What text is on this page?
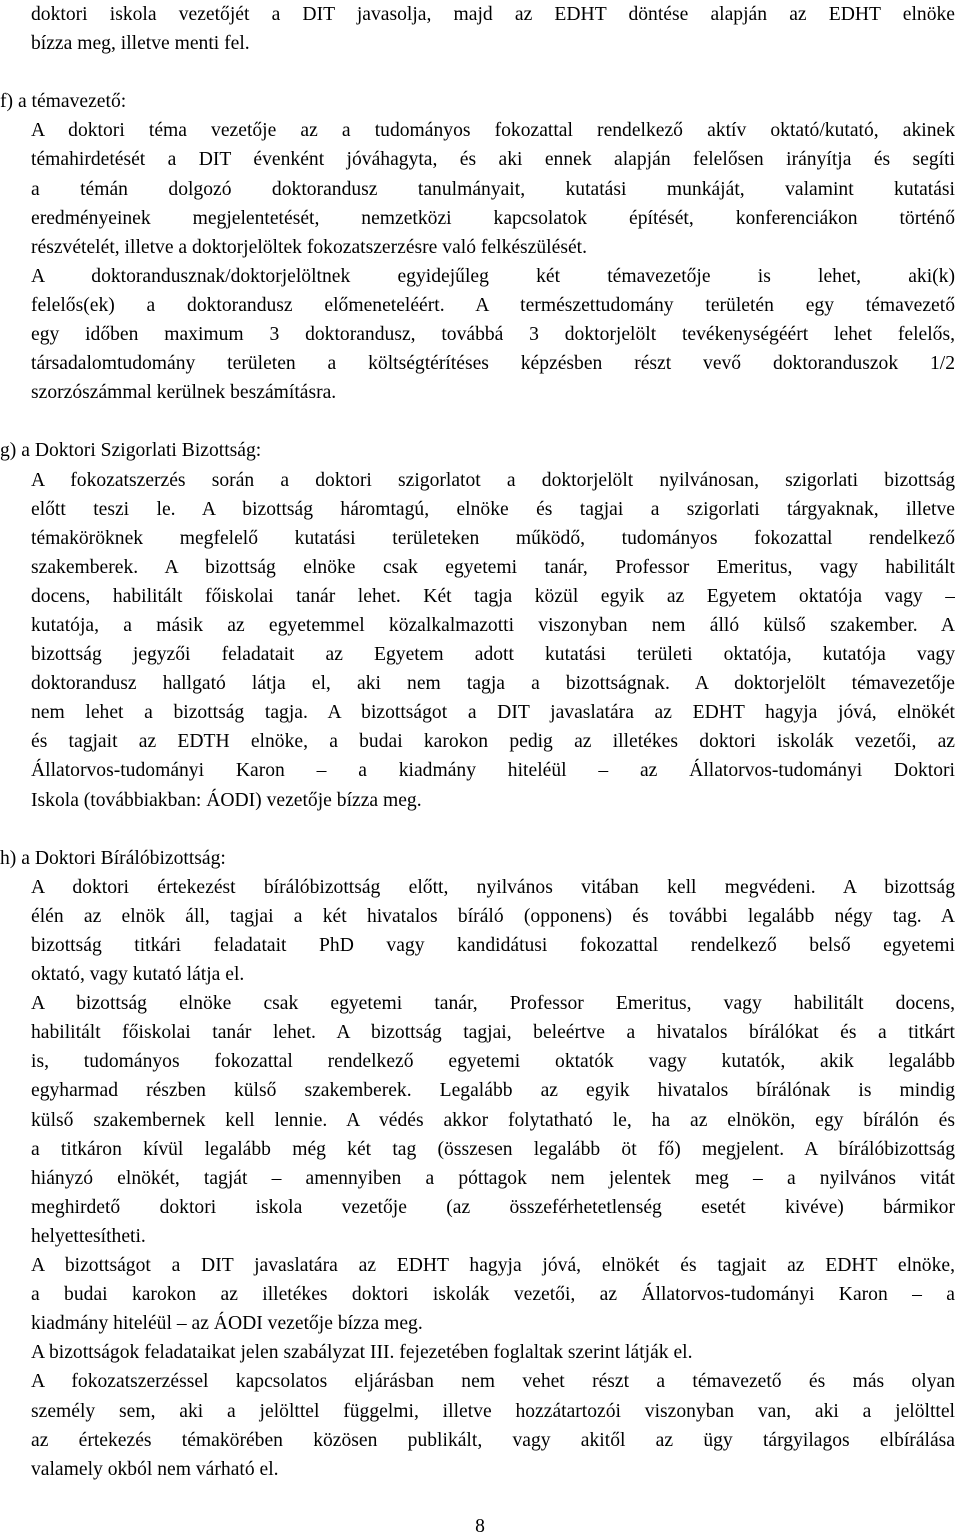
doktori iskola vezetőjét a DIT javasolja, majd az EDHT döntése alapján az EDHT elnöke
bízza meg, illetve menti fel.
f) a témavezető:
A doktori téma vezetője az a tudományos fokozattal rendelkező aktív oktató/kutató, akinek
témahirdetését a DIT évenként jóváhagyta, és aki ennek alapján felelősen irányítja és segíti
a témán dolgozó doktorandusz tanulmányait, kutatási munkáját, valamint kutatási
eredményeinek megjelentetését, nemzetközi kapcsolatok építését, konferenciákon történő
részvételét, illetve a doktorjelöltek fokozatszerzésre való felkészülését.
A doktorandusznak/doktorjelöltnek egyidejűleg két témavezetője is lehet, aki(k)
felelős(ek) a doktorandusz előmeneteléért. A természettudomány területén egy témavezető
egy időben maximum 3 doktorandusz, továbbá 3 doktorjelölt tevékenységéért lehet felelős,
társadalomtudomány területen a költségtérítéses képzésben részt vevő doktoranduszok 1/2
szorzószámmal kerülnek beszámításra.
g) a Doktori Szigorlati Bizottság:
A fokozatszerzés során a doktori szigorlatot a doktorjelölt nyilvánosan, szigorlati bizottság
előtt teszi le. A bizottság háromtagú, elnöke és tagjai a szigorlati tárgyaknak, illetve
témaköröknek megfelelő kutatási területeken működő, tudományos fokozattal rendelkező
szakemberek. A bizottság elnöke csak egyetemi tanár, Professor Emeritus, vagy habilitált
docens, habilitált főiskolai tanár lehet. Két tagja közül egyik az Egyetem oktatója vagy –
kutatója, a másik az egyetemmel közalkalmazotti viszonyban nem álló külső szakember. A
bizottság jegyzői feladatait az Egyetem adott kutatási területi oktatója, kutatója vagy
doktorandusz hallgató látja el, aki nem tagja a bizottságnak. A doktorjelölt témavezetője
nem lehet a bizottság tagja. A bizottságot a DIT javaslatára az EDHT hagyja jóvá, elnökét
és tagjait az EDTH elnöke, a budai karokon pedig az illetékes doktori iskolák vezetői, az
Állatorvos-tudományi Karon – a kiadmány hiteléül – az Állatorvos-tudományi Doktori
Iskola (továbbiakban: ÁODI) vezetője bízza meg.
h) a Doktori Bírálóbizottság:
A doktori értekezést bírálóbizottság előtt, nyilvános vitában kell megvédeni. A bizottság
élén az elnök áll, tagjai a két hivatalos bíráló (opponens) és további legalább négy tag. A
bizottság titkári feladatait PhD vagy kandidátusi fokozattal rendelkező belső egyetemi
oktató, vagy kutató látja el.
A bizottság elnöke csak egyetemi tanár, Professor Emeritus, vagy habilitált docens,
habilitált főiskolai tanár lehet. A bizottság tagjai, beleértve a hivatalos bírálókat és a titkárt
is, tudományos fokozattal rendelkező egyetemi oktatók vagy kutatók, akik legalább
egyharmad részben külső szakemberek. Legalább az egyik hivatalos bírálónak is mindig
külső szakembernek kell lennie. A védés akkor folytatható le, ha az elnökön, egy bírálón és
a titkáron kívül legalább még két tag (összesen legalább öt fő) megjelent. A bírálóbizottság
hiányzó elnökét, tagját – amennyiben a póttagok nem jelentek meg – a nyilvános vitát
meghirdető doktori iskola vezetője (az összeférhetetlenség esetét kivéve) bármikor
helyettesítheti.
A bizottságot a DIT javaslatára az EDHT hagyja jóvá, elnökét és tagjait az EDHT elnöke,
a budai karokon az illetékes doktori iskolák vezetői, az Állatorvos-tudományi Karon – a
kiadmány hiteléül – az ÁODI vezetője bízza meg.
A bizottságok feladataikat jelen szabályzat III. fejezetében foglaltak szerint látják el.
A fokozatszerzéssel kapcsolatos eljárásban nem vehet részt a témavezető és más olyan
személy sem, aki a jelölttel függelmi, illetve hozzátartozói viszonyban van, aki a jelölttel
az értekezés témakörében közösen publikált, vagy akitől az ügy tárgyilagos elbírálása
valamely okból nem várható el.
8
